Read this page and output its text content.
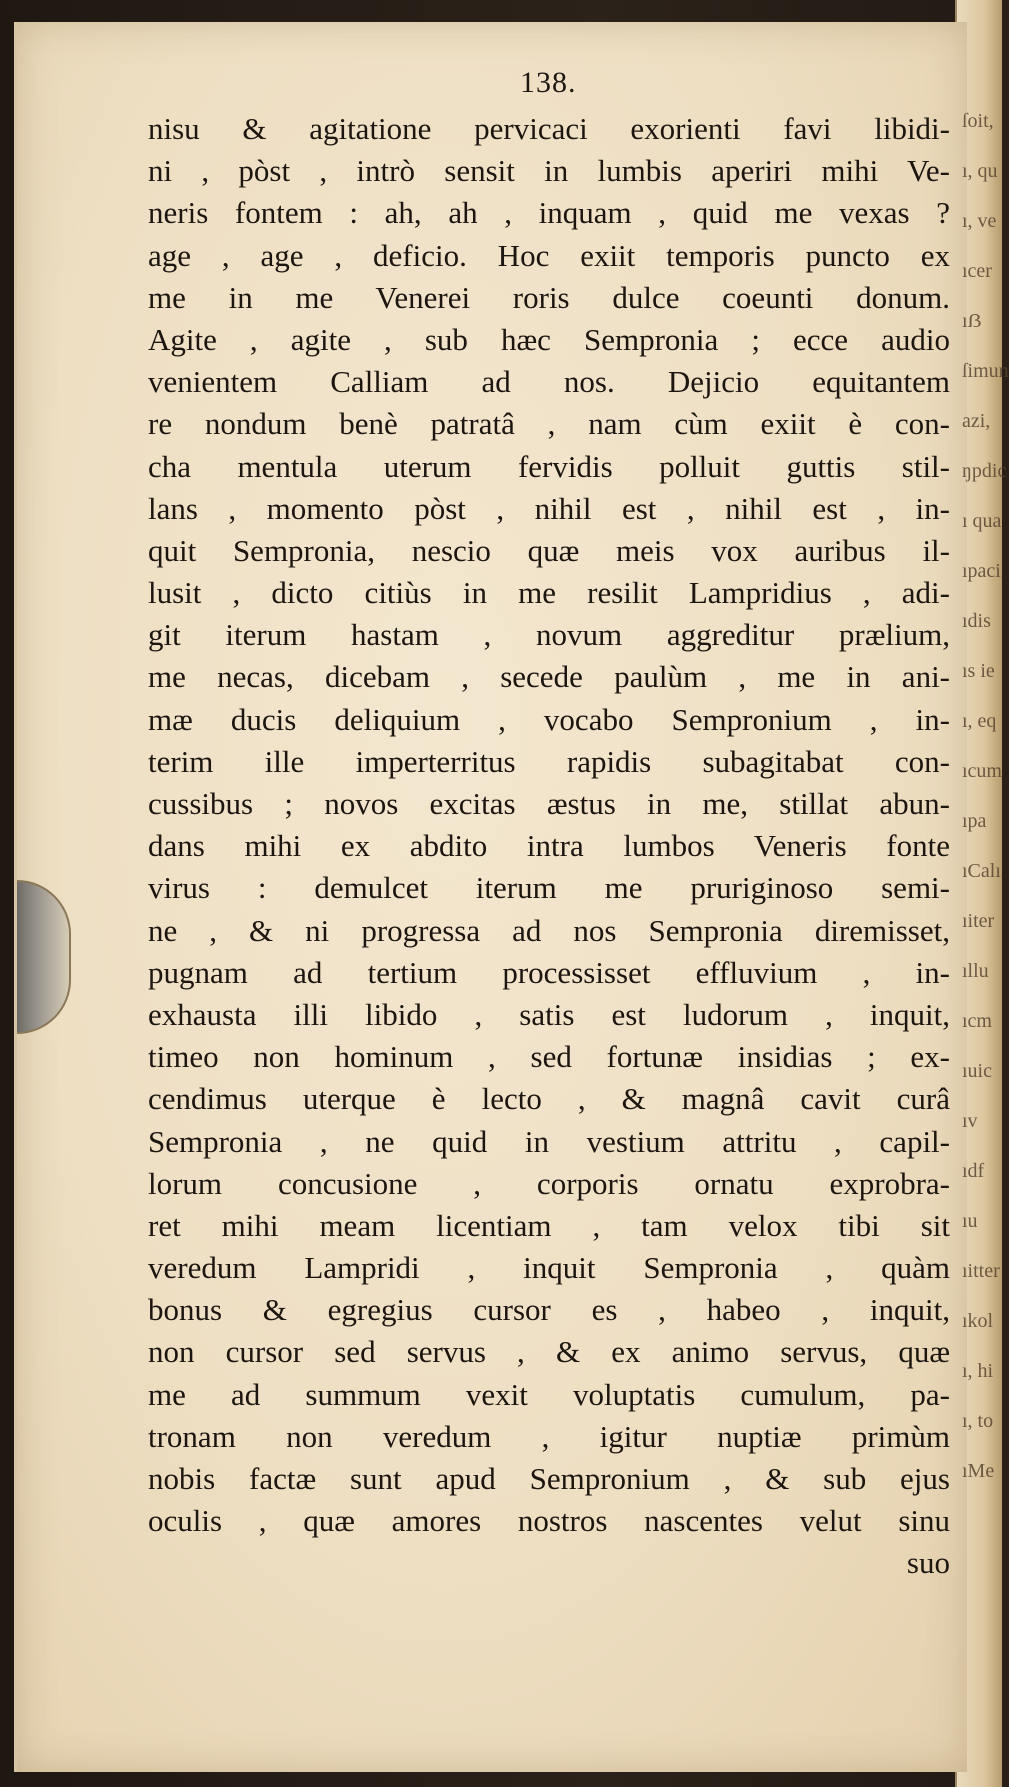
138.
nisu & agitatione pervicaci exorienti favi libidi-
ni , pòst , intrò sensit in lumbis aperiri mihi Ve-
neris fontem : ah, ah , inquam , quid me vexas ?
age , age , deficio. Hoc exiit temporis puncto ex
me in me Venerei roris dulce coeunti donum.
Agite , agite , sub hæc Sempronia ; ecce audio
venientem Calliam ad nos. Dejicio equitantem
re nondum benè patratâ , nam cùm exiit è con-
cha mentula uterum fervidis polluit guttis stil-
lans , momento pòst , nihil est , nihil est , in-
quit Sempronia, nescio quæ meis vox auribus il-
lusit , dicto citiùs in me resilit Lampridius , adi-
git iterum hastam , novum aggreditur prælium,
me necas, dicebam , secede paulùm , me in ani-
mæ ducis deliquium , vocabo Sempronium , in-
terim ille imperterritus rapidis subagitabat con-
cussibus ; novos excitas æstus in me, stillat abun-
dans mihi ex abdito intra lumbos Veneris fonte
virus : demulcet iterum me pruriginoso semi-
ne , & ni progressa ad nos Sempronia diremisset,
pugnam ad tertium processisset effluvium , in-
exhausta illi libido , satis est ludorum , inquit,
timeo non hominum , sed fortunæ insidias ; ex-
cendimus uterque è lecto , & magnâ cavit curâ
Sempronia , ne quid in vestium attritu , capil-
lorum concusione , corporis ornatu exprobra-
ret mihi meam licentiam , tam velox tibi sit
veredum Lampridi , inquit Sempronia , quàm
bonus & egregius cursor es , habeo , inquit,
non cursor sed servus , & ex animo servus, quæ
me ad summum vexit voluptatis cumulum, pa-
tronam non veredum , igitur nuptiæ primùm
nobis factæ sunt apud Sempronium , & sub ejus
oculis , quæ amores nostros nascentes velut sinu
suo
ſoit,
ı, qu
ı, ve
ıcer
ıẞ
ſimun
azi,
ŋpdic
ı qua
ıpaci
ıdis
ıs ie
ı, eq
ıcum
ıpa
ıCalı
ıiter
ıllu
ıcm
ıuic
ıv
ıdf
ıu
ıitter
ıkol
ı, hi
ı, to
ıMe
